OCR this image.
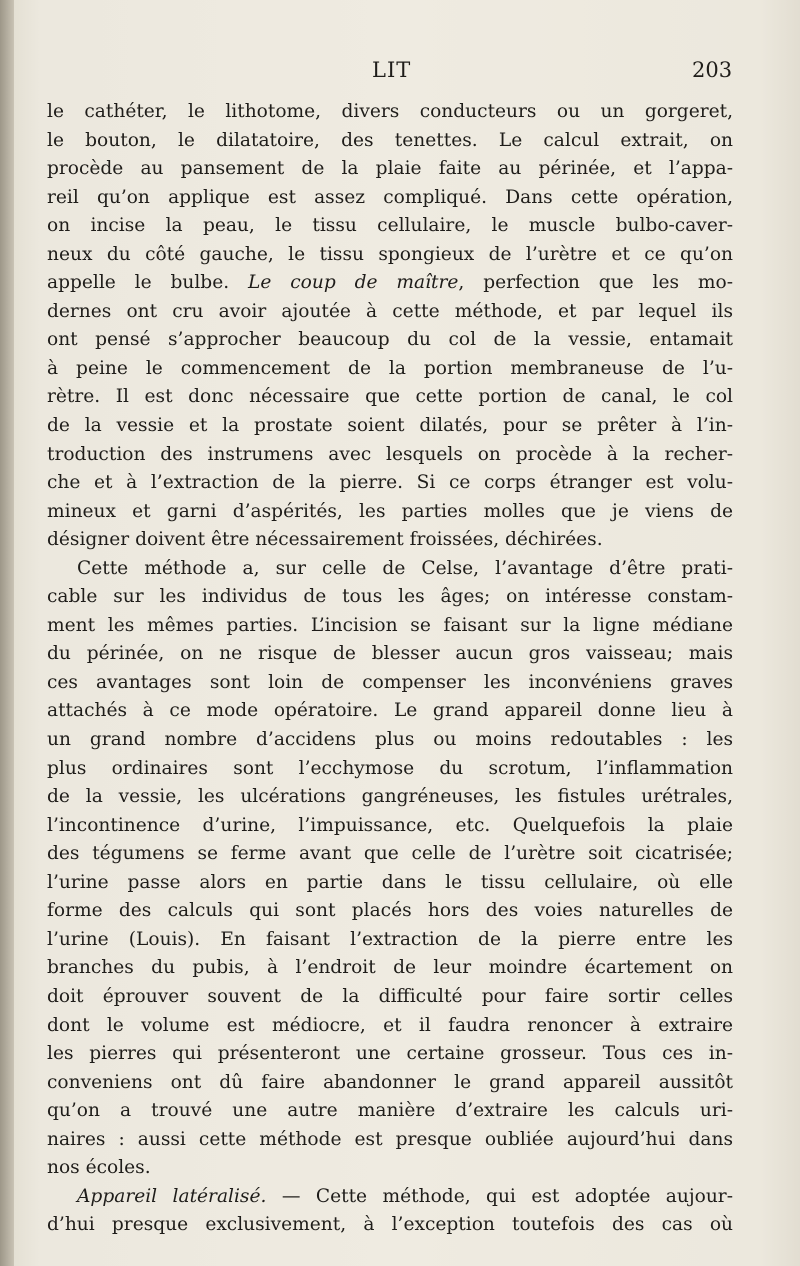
LIT	203
le cathéter, le lithotome, divers conducteurs ou un gorgeret,
le bouton, le dilatatoire, des tenettes. Le calcul extrait, on
procède au pansement de la plaie faite au périnée, et l’appa-
reil qu’on applique est assez compliqué. Dans cette opération,
on incise la peau, le tissu cellulaire, le muscle bulbo-caver-
neux du côté gauche, le tissu spongieux de l’urètre et ce qu’on
appelle le bulbe. Le coup de maître, perfection que les mo-
dernes ont cru avoir ajoutée à cette méthode, et par lequel ils
ont pensé s’approcher beaucoup du col de la vessie, entamait
à peine le commencement de la portion membraneuse de l’u-
rètre. Il est donc nécessaire que cette portion de canal, le col
de la vessie et la prostate soient dilatés, pour se prêter à l’in-
troduction des instrumens avec lesquels on procède à la recher-
che et à l’extraction de la pierre. Si ce corps étranger est volu-
mineux et garni d’aspérités, les parties molles que je viens de
désigner doivent être nécessairement froissées, déchirées.
Cette méthode a, sur celle de Celse, l’avantage d’être prati-
cable sur les individus de tous les âges; on intéresse constam-
ment les mêmes parties. L’incision se faisant sur la ligne médiane
du périnée, on ne risque de blesser aucun gros vaisseau; mais
ces avantages sont loin de compenser les inconvéniens graves
attachés à ce mode opératoire. Le grand appareil donne lieu à
un grand nombre d’accidens plus ou moins redoutables : les
plus ordinaires sont l’ecchymose du scrotum, l’inflammation
de la vessie, les ulcérations gangréneuses, les fistules urétrales,
l’incontinence d’urine, l’impuissance, etc. Quelquefois la plaie
des tégumens se ferme avant que celle de l’urètre soit cicatrisée;
l’urine passe alors en partie dans le tissu cellulaire, où elle
forme des calculs qui sont placés hors des voies naturelles de
l’urine (Louis). En faisant l’extraction de la pierre entre les
branches du pubis, à l’endroit de leur moindre écartement on
doit éprouver souvent de la difficulté pour faire sortir celles
dont le volume est médiocre, et il faudra renoncer à extraire
les pierres qui présenteront une certaine grosseur. Tous ces in-
conveniens ont dû faire abandonner le grand appareil aussitôt
qu’on a trouvé une autre manière d’extraire les calculs uri-
naires : aussi cette méthode est presque oubliée aujourd’hui dans
nos écoles.
Appareil latéralisé. — Cette méthode, qui est adoptée aujour-
d’hui presque exclusivement, à l’exception toutefois des cas où
